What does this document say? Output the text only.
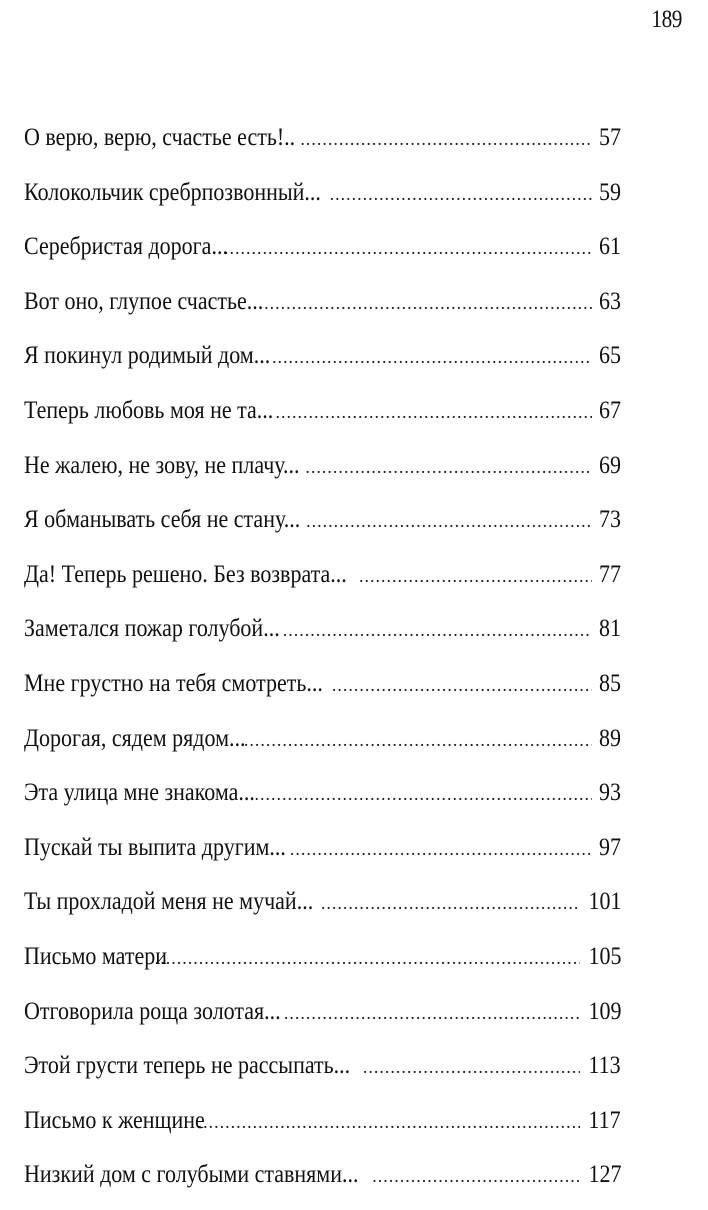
189
О верю, верю, счастье есть!.. .....	57
Колокольчик сребрпозвонный... .....	59
Серебристая дорога... .....	61
Вот оно, глупое счастье... .....	63
Я покинул родимый дом... .....	65
Теперь любовь моя не та... .....	67
Не жалею, не зову, не плачу... .....	69
Я обманывать себя не стану... .....	73
Да! Теперь решено. Без возврата... .....	77
Заметался пожар голубой... .....	81
Мне грустно на тебя смотреть... .....	85
Дорогая, сядем рядом... .....	89
Эта улица мне знакома... .....	93
Пускай ты выпита другим... .....	97
Ты прохладой меня не мучай... .....	101
Письмо матери .....	105
Отговорила роща золотая... .....	109
Этой грусти теперь не рассыпать... .....	113
Письмо к женщине .....	117
Низкий дом с голубыми ставнями... .....	127
